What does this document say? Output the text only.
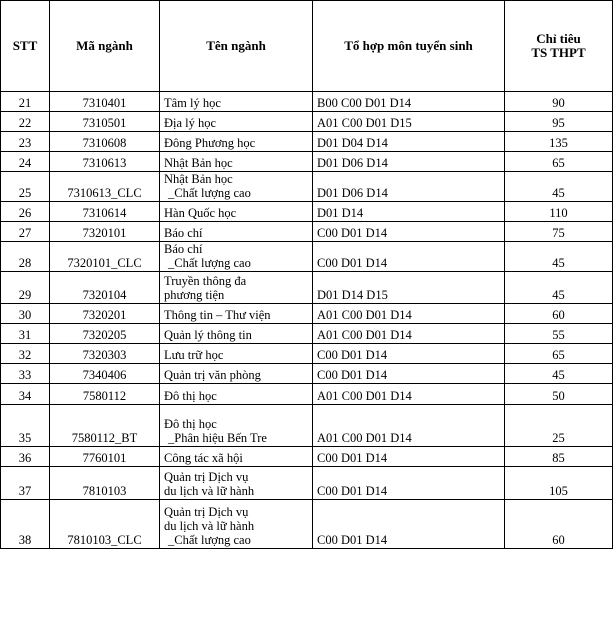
STT	Mã ngành	Tên ngành	Tổ hợp môn tuyển sinh	Chỉ tiêu
TS THPT
21	7310401	Tâm lý học	B00 C00 D01 D14	90
22	7310501	Địa lý học	A01 C00 D01 D15	95
23	7310608	Đông Phương học	D01 D04 D14	135
24	7310613	Nhật Bản học	D01 D06 D14	65
25	7310613_CLC	Nhật Bản học
_Chất lượng cao	D01 D06 D14	45
26	7310614	Hàn Quốc học	D01 D14	110
27	7320101	Báo chí	C00 D01 D14	75
28	7320101_CLC	Báo chí
_Chất lượng cao	C00 D01 D14	45
29	7320104	Truyền thông đa
phương tiện	D01 D14 D15	45
30	7320201	Thông tin – Thư viện	A01 C00 D01 D14	60
31	7320205	Quản lý thông tin	A01 C00 D01 D14	55
32	7320303	Lưu trữ học	C00 D01 D14	65
33	7340406	Quản trị văn phòng	C00 D01 D14	45
34	7580112	Đô thị học	A01 C00 D01 D14	50
35	7580112_BT	Đô thị học
_Phân hiệu Bến Tre	A01 C00 D01 D14	25
36	7760101	Công tác xã hội	C00 D01 D14	85
37	7810103	Quản trị Dịch vụ
du lịch và lữ hành	C00 D01 D14	105
38	7810103_CLC	Quản trị Dịch vụ
du lịch và lữ hành
_Chất lượng cao	C00 D01 D14	60
